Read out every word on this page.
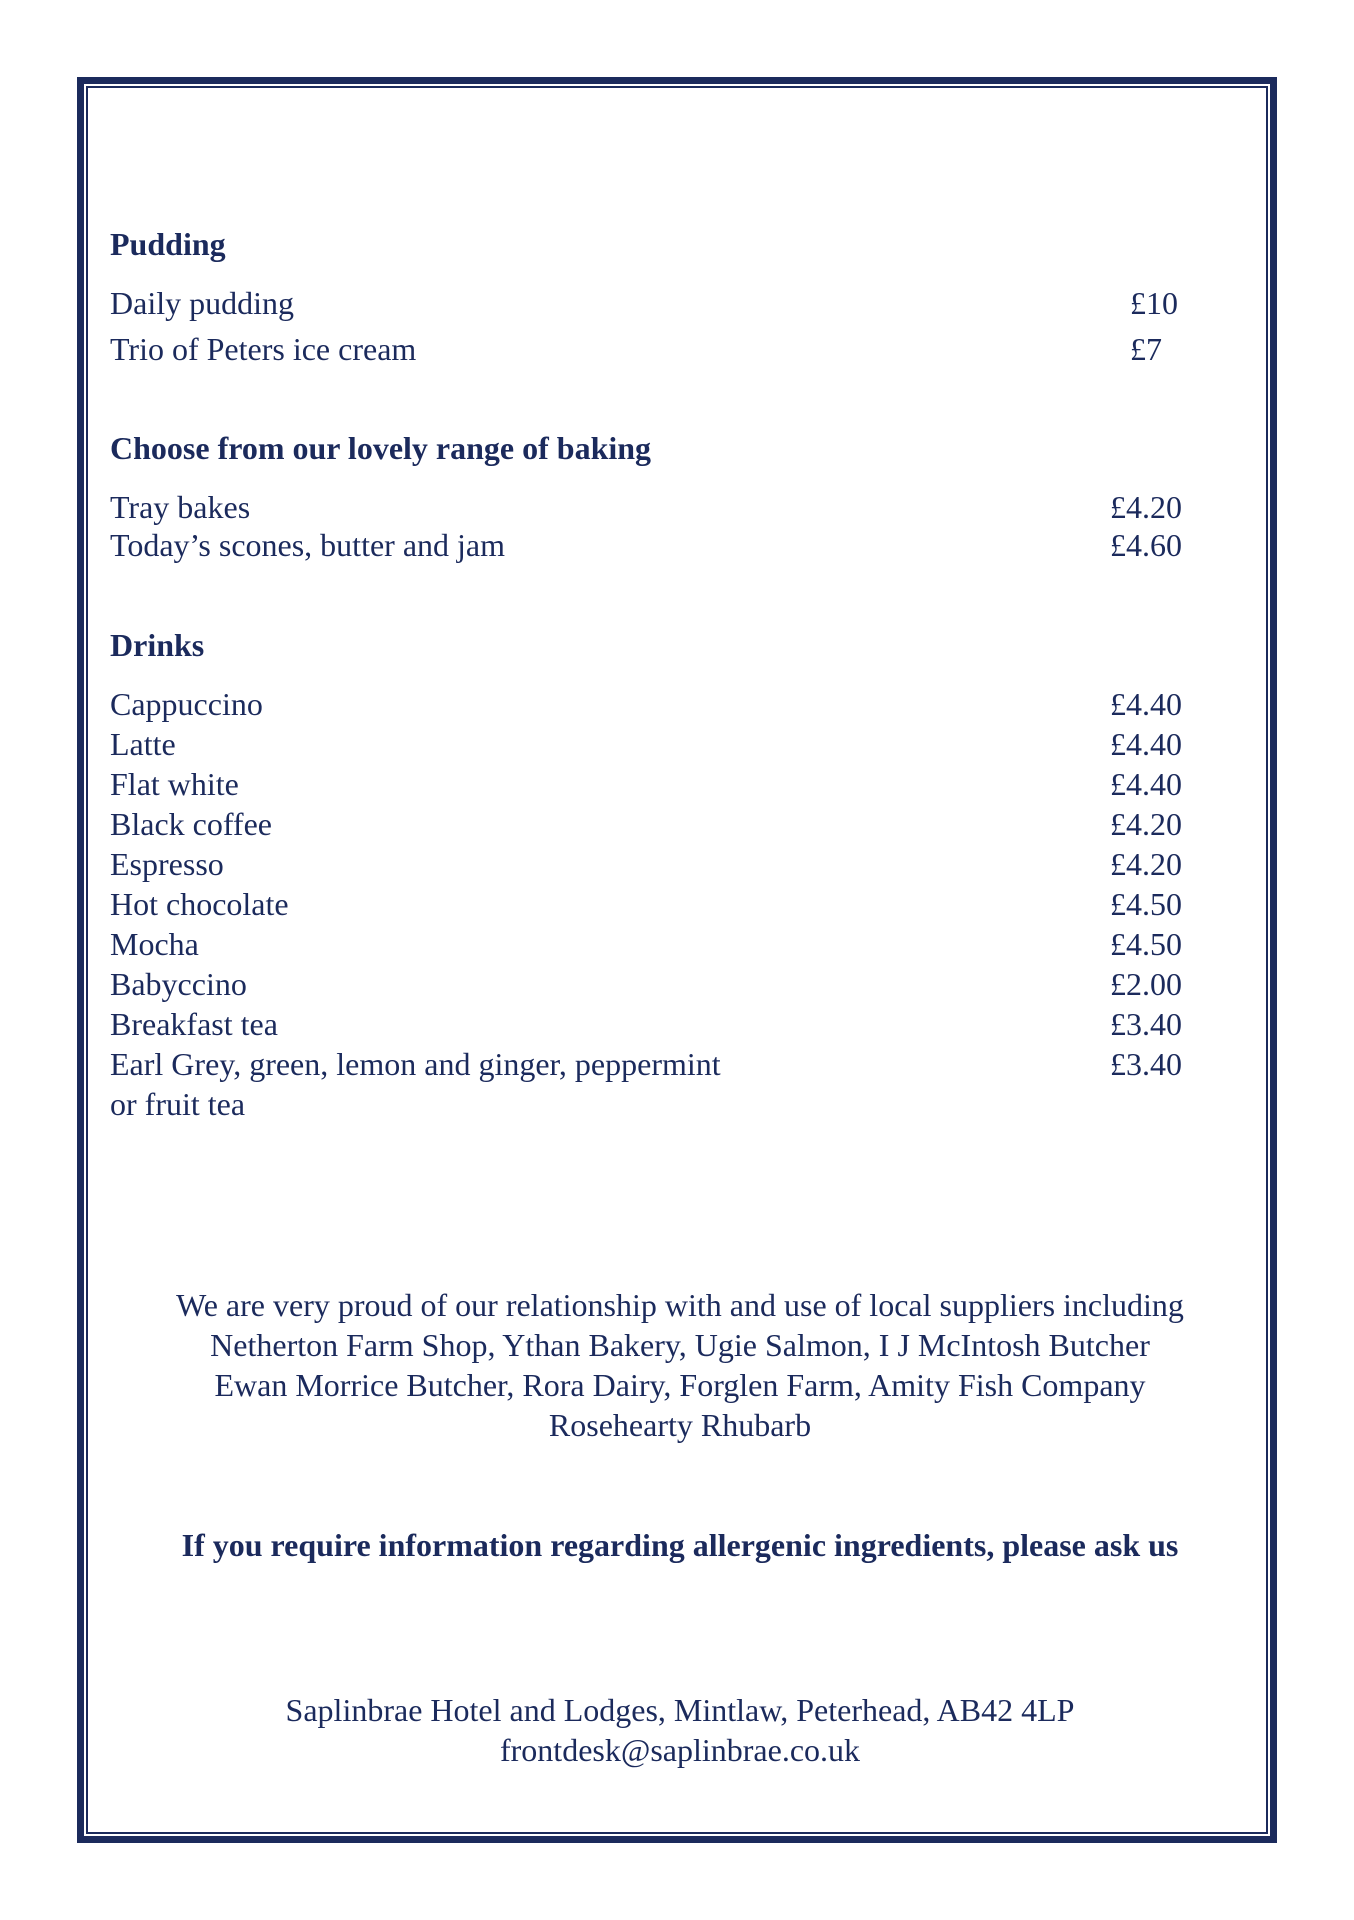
Pudding
Daily pudding	£10
Trio of Peters ice cream	£7
Choose from our lovely range of baking
Tray bakes	£4.20
Today’s scones, butter and jam	£4.60
Drinks
Cappuccino	£4.40
Latte	£4.40
Flat white	£4.40
Black coffee	£4.20
Espresso	£4.20
Hot chocolate	£4.50
Mocha	£4.50
Babyccino	£2.00
Breakfast tea	£3.40
Earl Grey, green, lemon and ginger, peppermint	£3.40
or fruit tea
We are very proud of our relationship with and use of local suppliers including
Netherton Farm Shop, Ythan Bakery, Ugie Salmon, I J McIntosh Butcher
Ewan Morrice Butcher, Rora Dairy, Forglen Farm, Amity Fish Company
Rosehearty Rhubarb
If you require information regarding allergenic ingredients, please ask us
Saplinbrae Hotel and Lodges, Mintlaw, Peterhead, AB42 4LP
frontdesk@saplinbrae.co.uk
